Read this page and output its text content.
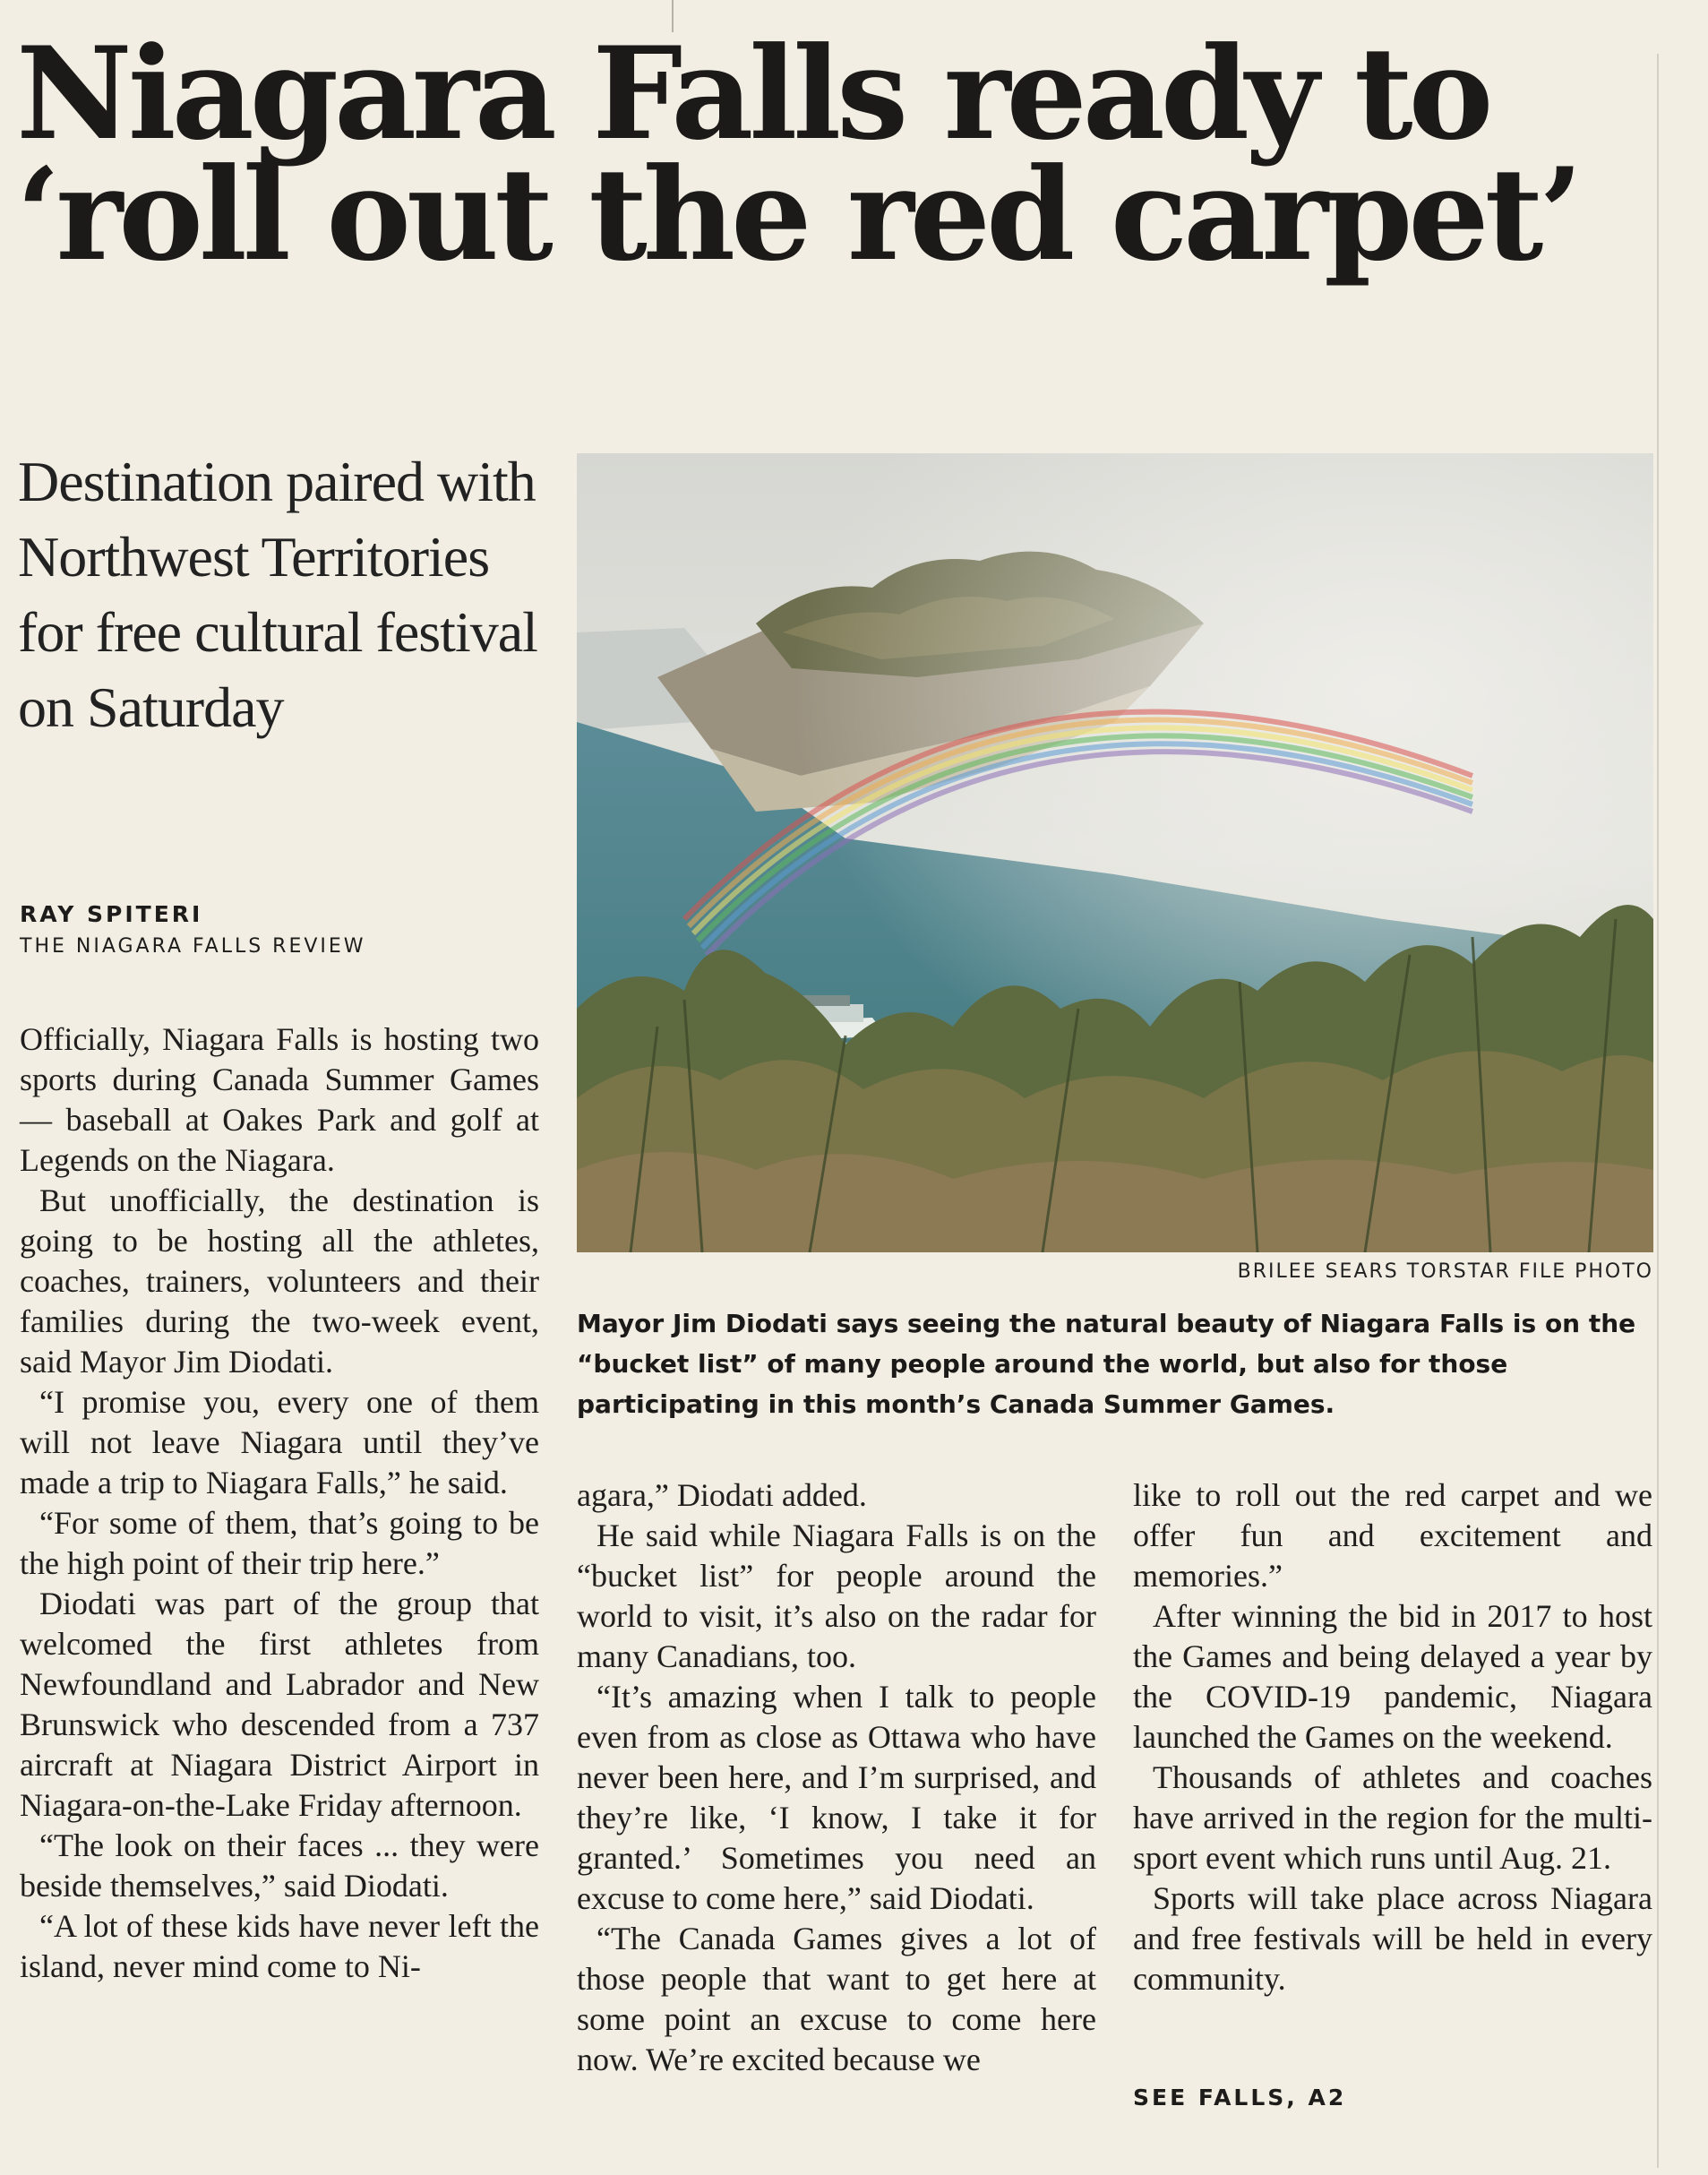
Niagara Falls ready to
‘roll out the red carpet’
Destination paired with Northwest Territories for free cultural festival on Saturday
RAY SPITERI
THE NIAGARA FALLS REVIEW
Officially, Niagara Falls is hosting two sports during Canada Summer Games — baseball at Oakes Park and golf at Legends on the Niagara.
But unofficially, the destination is going to be hosting all the athletes, coaches, trainers, volunteers and their families during the two-week event, said Mayor Jim Diodati.
“I promise you, every one of them will not leave Niagara until they’ve made a trip to Niagara Falls,” he said.
“For some of them, that’s going to be the high point of their trip here.”
Diodati was part of the group that welcomed the first athletes from Newfoundland and Labrador and New Brunswick who descended from a 737 aircraft at Niagara District Airport in Niagara-on-the-Lake Friday afternoon.
“The look on their faces ... they were beside themselves,” said Diodati.
“A lot of these kids have never left the island, never mind come to Ni-
BRILEE SEARS TORSTAR FILE PHOTO

Mayor Jim Diodati says seeing the natural beauty of Niagara Falls is on the “bucket list” of many people around the world, but also for those participating in this month’s Canada Summer Games.

agara,” Diodati added.
He said while Niagara Falls is on the “bucket list” for people around the world to visit, it’s also on the radar for many Canadians, too.
“It’s amazing when I talk to people even from as close as Ottawa who have never been here, and I’m surprised, and they’re like, ‘I know, I take it for granted.’ Sometimes you need an excuse to come here,” said Diodati.
“The Canada Games gives a lot of those people that want to get here at some point an excuse to come here now. We’re excited because we
like to roll out the red carpet and we offer fun and excitement and memories.”
After winning the bid in 2017 to host the Games and being delayed a year by the COVID-19 pandemic, Niagara launched the Games on the weekend.
Thousands of athletes and coaches have arrived in the region for the multi-sport event which runs until Aug. 21.
Sports will take place across Niagara and free festivals will be held in every community.
SEE FALLS, A2
